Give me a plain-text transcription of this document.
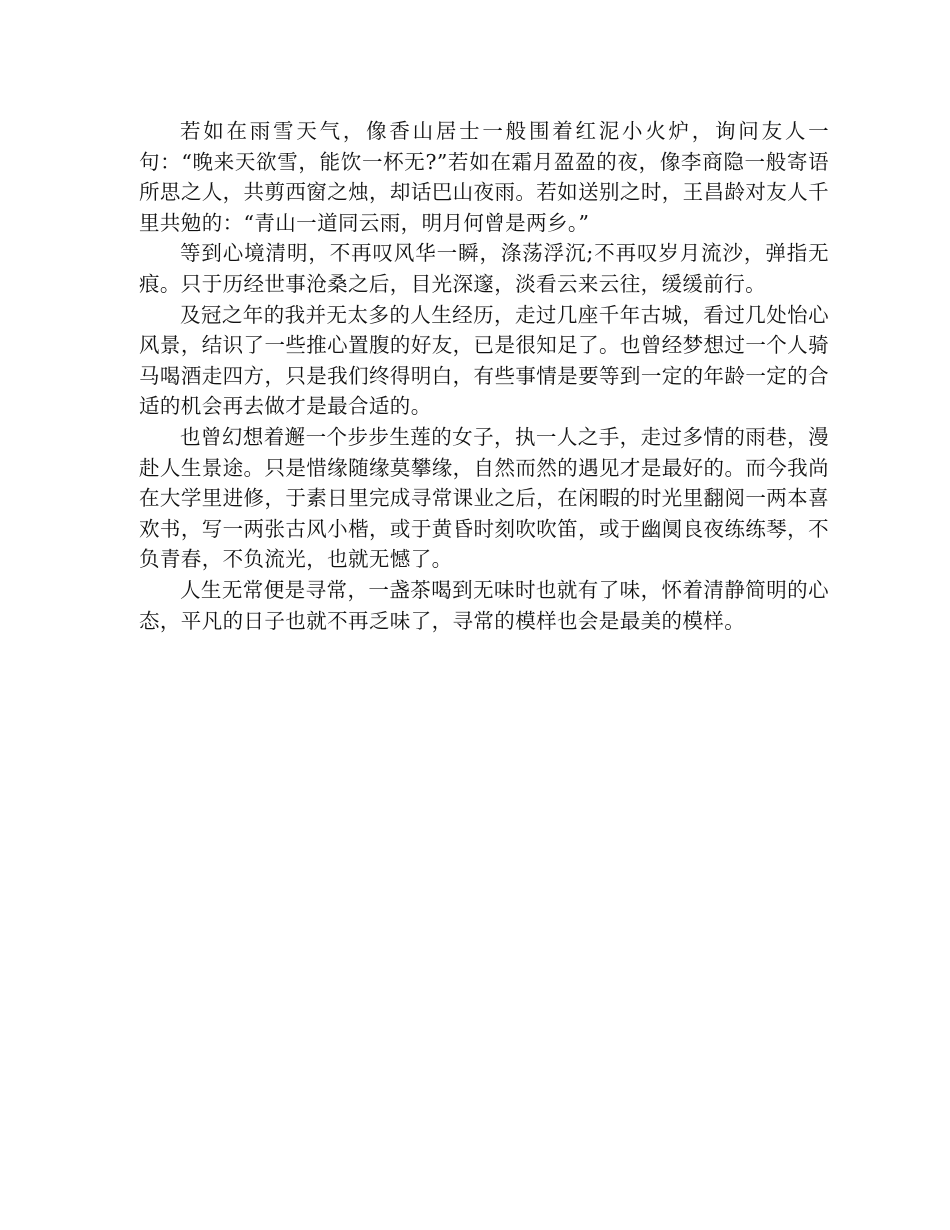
若如在雨雪天气，像香山居士一般围着红泥小火炉，询问友人一句：“晚来天欲雪，能饮一杯无?”若如在霜月盈盈的夜，像李商隐一般寄语所思之人，共剪西窗之烛，却话巴山夜雨。若如送别之时，王昌龄对友人千里共勉的：“青山一道同云雨，明月何曾是两乡。”

等到心境清明，不再叹风华一瞬，涤荡浮沉;不再叹岁月流沙，弹指无痕。只于历经世事沧桑之后，目光深邃，淡看云来云往，缓缓前行。

及冠之年的我并无太多的人生经历，走过几座千年古城，看过几处怡心风景，结识了一些推心置腹的好友，已是很知足了。也曾经梦想过一个人骑马喝酒走四方，只是我们终得明白，有些事情是要等到一定的年龄一定的合适的机会再去做才是最合适的。

也曾幻想着邂一个步步生莲的女子，执一人之手，走过多情的雨巷，漫赴人生景途。只是惜缘随缘莫攀缘，自然而然的遇见才是最好的。而今我尚在大学里进修，于素日里完成寻常课业之后，在闲暇的时光里翻阅一两本喜欢书，写一两张古风小楷，或于黄昏时刻吹吹笛，或于幽阒良夜练练琴，不负青春，不负流光，也就无憾了。

人生无常便是寻常，一盏茶喝到无味时也就有了味，怀着清静简明的心态，平凡的日子也就不再乏味了，寻常的模样也会是最美的模样。
